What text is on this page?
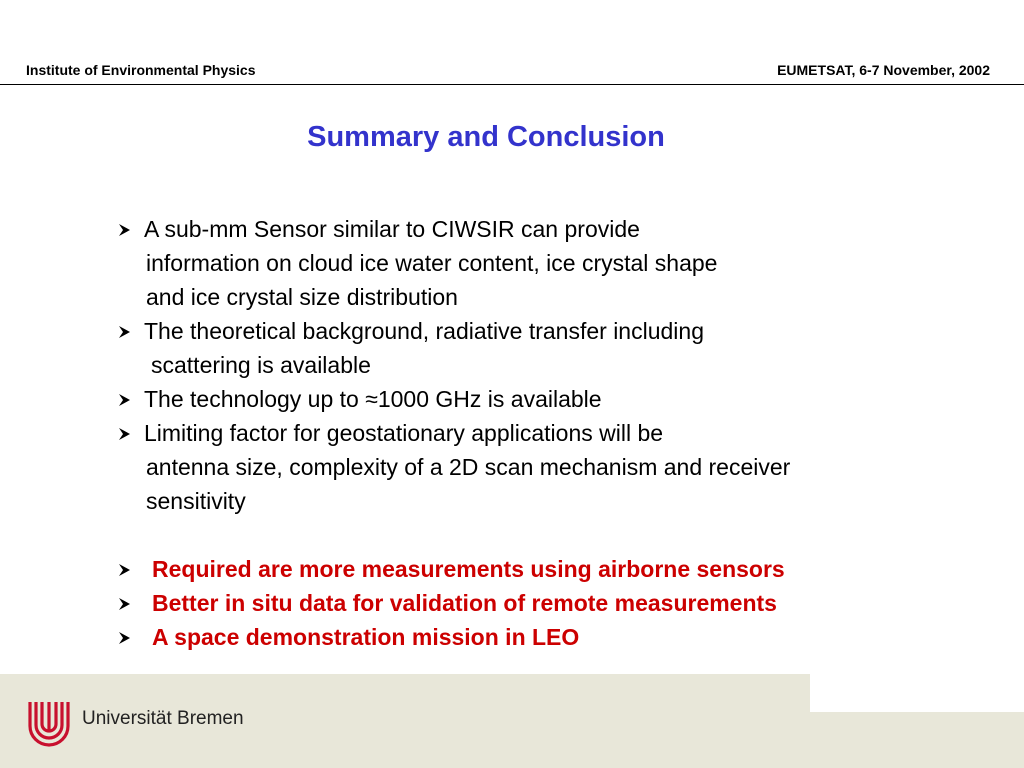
Institute of Environmental Physics	EUMETSAT, 6-7 November, 2002
Summary and Conclusion
A sub-mm Sensor similar to CIWSIR can provide
information on cloud ice water content, ice crystal shape
and ice crystal size distribution
The theoretical background, radiative transfer including
scattering is available
The technology up to ≈1000 GHz is available
Limiting factor for geostationary applications will be
antenna size, complexity of a 2D scan mechanism and receiver
sensitivity
Required are more measurements using airborne sensors
Better in situ data for validation of remote measurements
A space demonstration mission in LEO
Universität Bremen
